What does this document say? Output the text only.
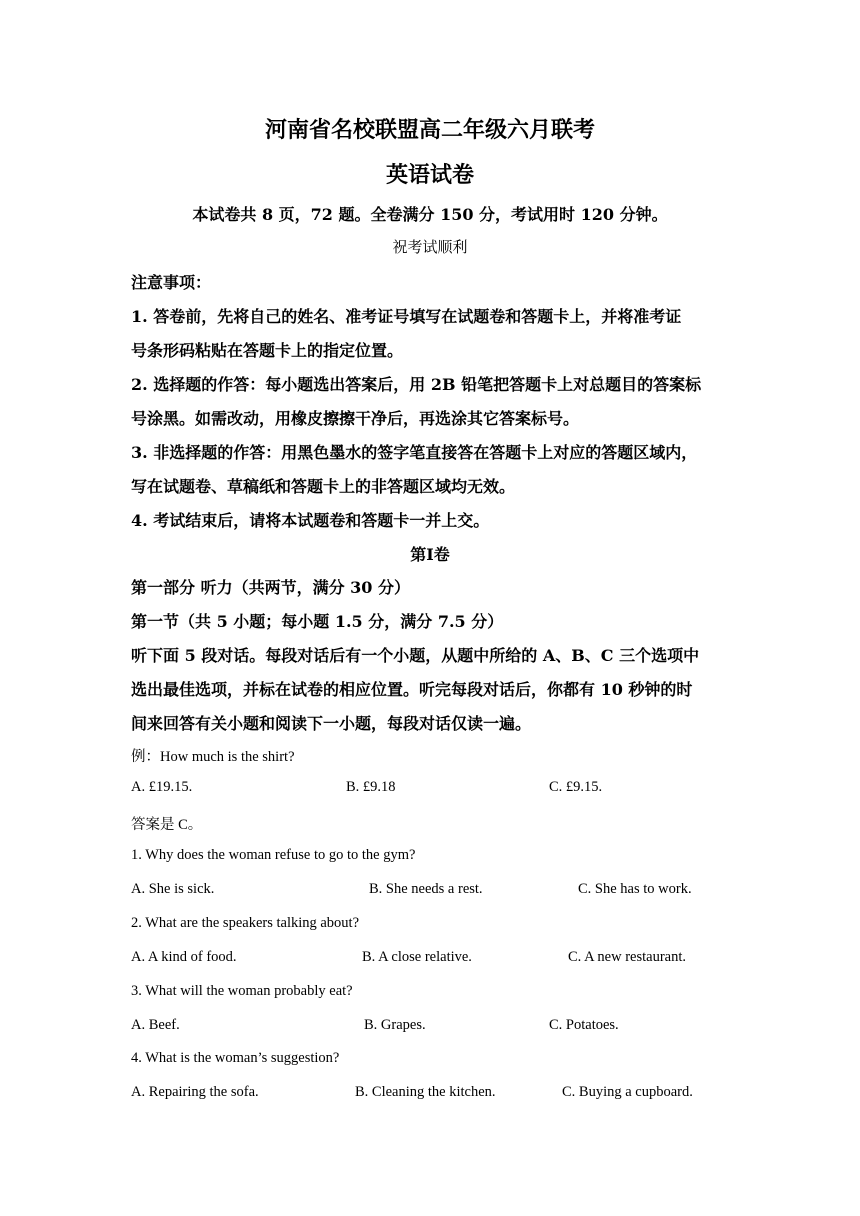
河南省名校联盟高二年级六月联考
英语试卷
本试卷共 8 页，72 题。全卷满分 150 分，考试用时 120 分钟。
祝考试顺利
注意事项：
1. 答卷前，先将自己的姓名、准考证号填写在试题卷和答题卡上，并将准考证
号条形码粘贴在答题卡上的指定位置。
2. 选择题的作答：每小题选出答案后，用 2B 铅笔把答题卡上对总题目的答案标
号涂黑。如需改动，用橡皮擦擦干净后，再选涂其它答案标号。
3. 非选择题的作答：用黑色墨水的签字笔直接答在答题卡上对应的答题区域内，
写在试题卷、草稿纸和答题卡上的非答题区域均无效。
4. 考试结束后，请将本试题卷和答题卡一并上交。
第Ⅰ卷
第一部分 听力（共两节，满分 30 分）
第一节（共 5 小题；每小题 1.5 分，满分 7.5 分）
听下面 5 段对话。每段对话后有一个小题，从题中所给的 A、B、C 三个选项中
选出最佳选项，并标在试卷的相应位置。听完每段对话后，你都有 10 秒钟的时
间来回答有关小题和阅读下一小题，每段对话仅读一遍。
例：How much is the shirt?
A. £19.15.	B. £9.18	C. £9.15.
答案是 C。
1. Why does the woman refuse to go to the gym?
A. She is sick.	B. She needs a rest.	C. She has to work.
2. What are the speakers talking about?
A. A kind of food.	B. A close relative.	C. A new restaurant.
3. What will the woman probably eat?
A. Beef.	B. Grapes.	C. Potatoes.
4. What is the woman’s suggestion?
A. Repairing the sofa.	B. Cleaning the kitchen.	C. Buying a cupboard.
